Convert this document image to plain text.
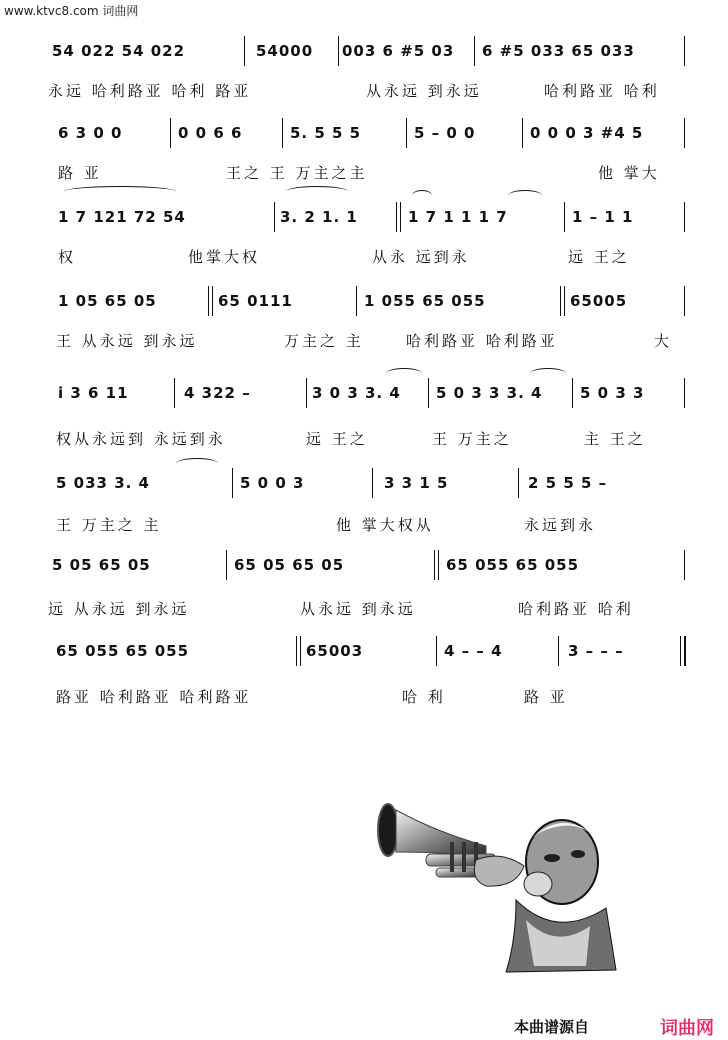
www.ktvc8.com 词曲网
54 022 54 022	54000 003 6 #5 03 6 #5 033 65 033
永远 哈利路亚 哈利 路亚	从永远 到永远	哈利路亚 哈利
6 3 0 0	0 0 6 6	5. 5 5 5	5 – 0 0	0 0 0 3 #4 5
路 亚	王之 王 万主之主	他 掌大
1 7 121 72 54	3. 2 1. 1	1 7 1 1 1 7	1 – 1 1
权	他掌大权	从永 远到永	远 王之
1 05 65 05	65 0111	1 055 65 055	65005
王 从永远 到永远	万主之 主	哈利路亚 哈利路亚	大
i 3 6 11	4 322 –	3 0 3 3. 4 5 0 3 3 3. 4	5 0 3 3
权从永远到 永远到永	远 王之	王 万主之	主 王之
5 033 3. 4	5 0 0 3	3 3 1 5	2 5 5 5 –
王 万主之 主	他 掌大权从	永远到永
5 05 65 05	65 05 65 05	65 055 65 055
远 从永远 到永远	从永远 到永远	哈利路亚 哈利
65 055 65 055	65003	4 – – 4	3 – – –
路亚 哈利路亚 哈利路亚	哈 利	路 亚
本曲谱源自	词曲网
